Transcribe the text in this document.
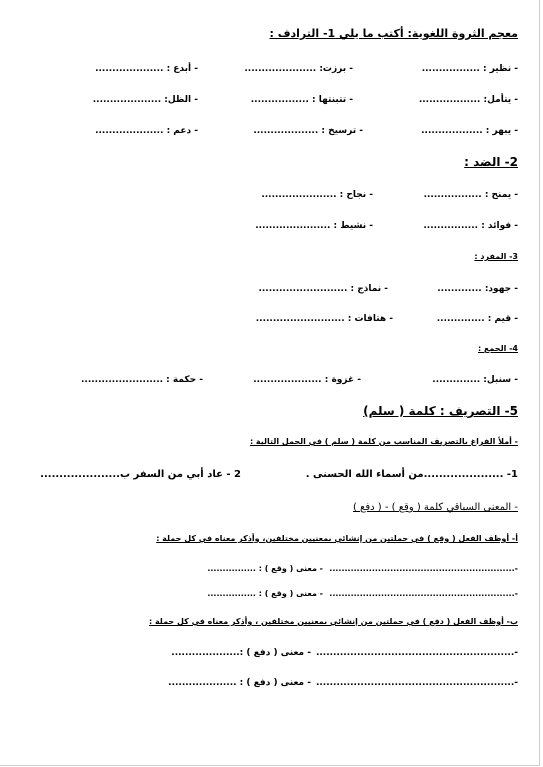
معجم الثروة اللغوية: أكتب ما يلي 1- الترادف :
- نظير : .................
- برزت: .....................
- أبدع : ....................
- يتأمل: ..................
- تتبنتها : .................
- الظل: ....................
- يبهر : ..................
- ترسيخ : ...................
- دعم : ....................
2- الضد :
- يمنح : .................
- نجاح : ......................
- فوائد : ................
- نشيط : ......................
3- المفرد :
- جهود: .............
- نماذج : ..........................
- قيم : ..............
- هتافات : ..........................
4- الجمع :
- سنبل: ..............
- غزوة : ....................
- حكمة : ........................
5- التصريف : كلمة ( سلم)
- أملأ الفراغ بالتصريف المناسب من كلمة ( سلم ) في الجمل التالية :
1- .....................من أسماء الله الحسنى .
2 - عاد أبي من السفر ب.....................
- المعنى السياقي كلمة ( وقع ) - ( دفع )
أ- أوظف الفعل ( وقع ) في جملتين من إنشائي بمعنيين مختلفين، وأذكر معناه في كل جملة :
-.............................................................
- معنى ( وقع ) : ................
-.............................................................
- معنى ( وقع ) : ................
ب- أوظف الفعل ( دفع ) في جملتين من إنشائي بمعنيين مختلفين ، وأذكر معناه في كل جملة :
-..........................................................
- معنى ( دفع ) :....................
-..........................................................
- معنى ( دفع ) : ....................
